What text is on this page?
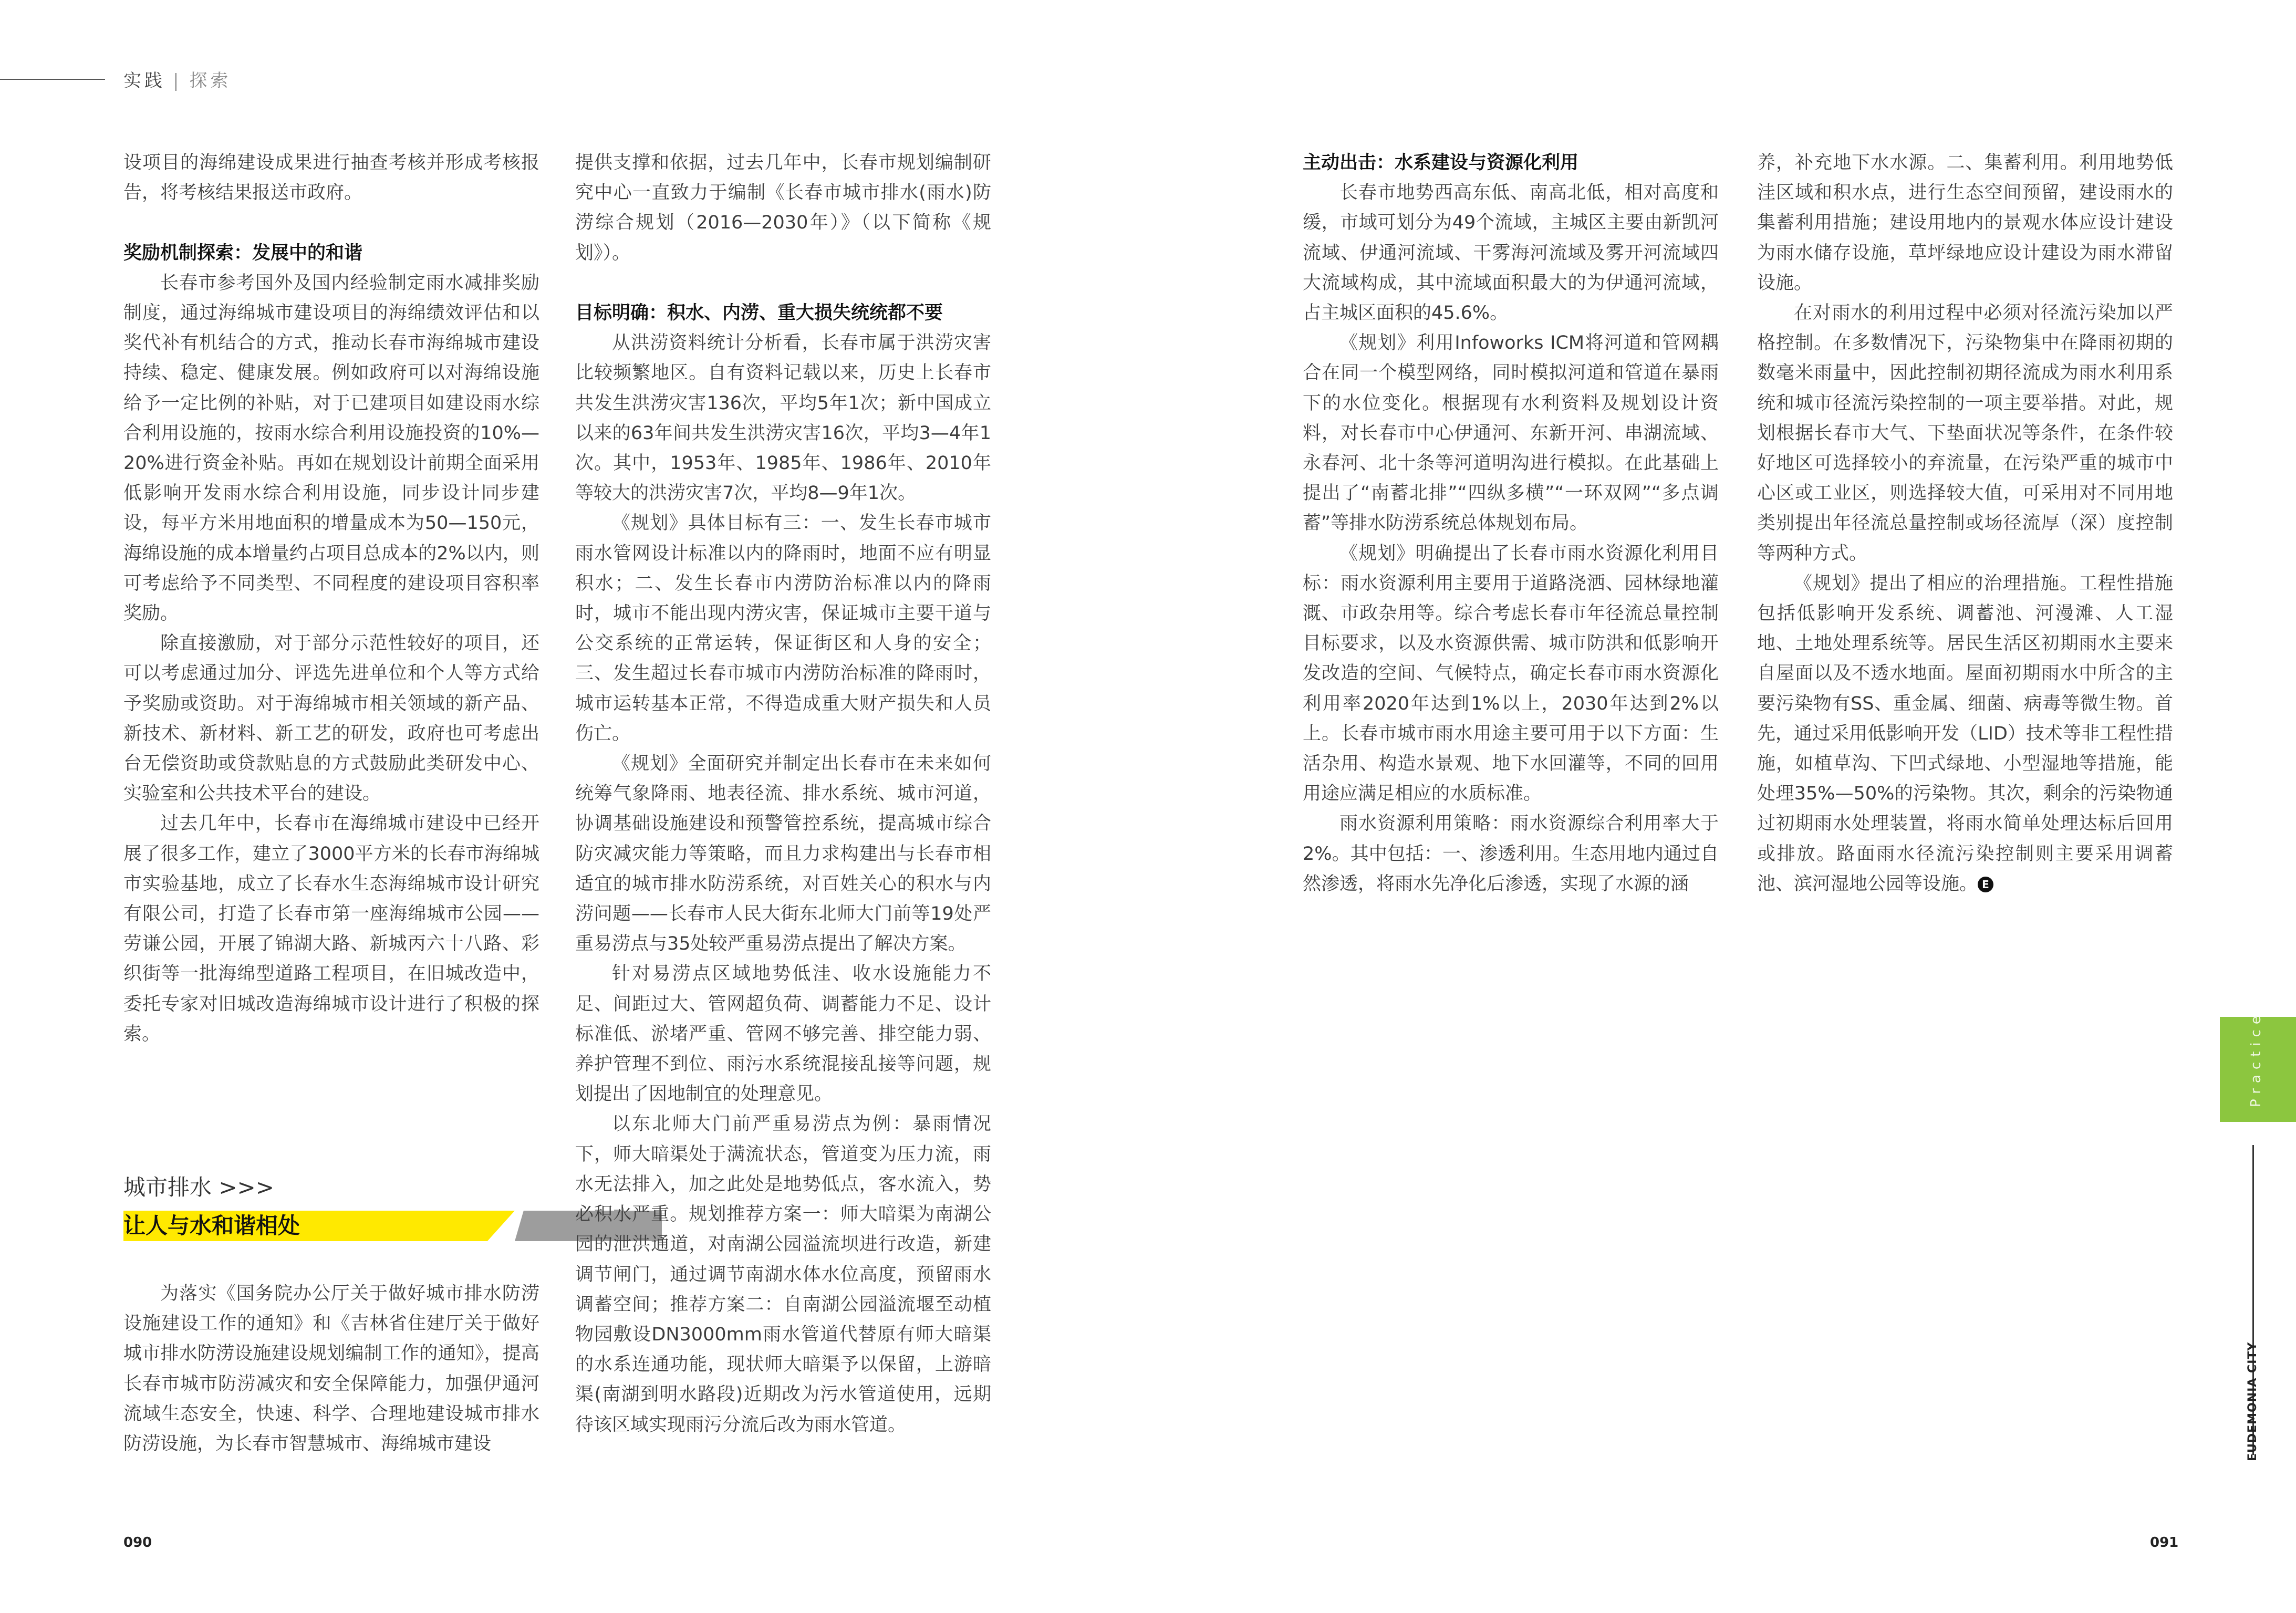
实践 | 探索

设项目的海绵建设成果进行抽查考核并形成考核报告，将考核结果报送市政府。

奖励机制探索：发展中的和谐

长春市参考国外及国内经验制定雨水减排奖励制度，通过海绵城市建设项目的海绵绩效评估和以奖代补有机结合的方式，推动长春市海绵城市建设持续、稳定、健康发展。例如政府可以对海绵设施给予一定比例的补贴，对于已建项目如建设雨水综合利用设施的，按雨水综合利用设施投资的10%—20%进行资金补贴。再如在规划设计前期全面采用低影响开发雨水综合利用设施，同步设计同步建设，每平方米用地面积的增量成本为50—150元，海绵设施的成本增量约占项目总成本的2%以内，则可考虑给予不同类型、不同程度的建设项目容积率奖励。

除直接激励，对于部分示范性较好的项目，还可以考虑通过加分、评选先进单位和个人等方式给予奖励或资助。对于海绵城市相关领域的新产品、新技术、新材料、新工艺的研发，政府也可考虑出台无偿资助或贷款贴息的方式鼓励此类研发中心、实验室和公共技术平台的建设。

过去几年中，长春市在海绵城市建设中已经开展了很多工作，建立了3000平方米的长春市海绵城市实验基地，成立了长春水生态海绵城市设计研究有限公司，打造了长春市第一座海绵城市公园——劳谦公园，开展了锦湖大路、新城丙六十八路、彩织街等一批海绵型道路工程项目，在旧城改造中，委托专家对旧城改造海绵城市设计进行了积极的探索。

城市排水 >>>
让人与水和谐相处

为落实《国务院办公厅关于做好城市排水防涝设施建设工作的通知》和《吉林省住建厅关于做好城市排水防涝设施建设规划编制工作的通知》，提高长春市城市防涝减灾和安全保障能力，加强伊通河流域生态安全，快速、科学、合理地建设城市排水防涝设施，为长春市智慧城市、海绵城市建设

提供支撑和依据，过去几年中，长春市规划编制研究中心一直致力于编制《长春市城市排水(雨水)防涝综合规划（2016—2030年）》（以下简称《规划》）。

目标明确：积水、内涝、重大损失统统都不要

从洪涝资料统计分析看，长春市属于洪涝灾害比较频繁地区。自有资料记载以来，历史上长春市共发生洪涝灾害136次，平均5年1次；新中国成立以来的63年间共发生洪涝灾害16次，平均3—4年1次。其中，1953年、1985年、1986年、2010年等较大的洪涝灾害7次，平均8—9年1次。

《规划》具体目标有三：一、发生长春市城市雨水管网设计标准以内的降雨时，地面不应有明显积水；二、发生长春市内涝防治标准以内的降雨时，城市不能出现内涝灾害，保证城市主要干道与公交系统的正常运转，保证街区和人身的安全；三、发生超过长春市城市内涝防治标准的降雨时，城市运转基本正常，不得造成重大财产损失和人员伤亡。

《规划》全面研究并制定出长春市在未来如何统筹气象降雨、地表径流、排水系统、城市河道，协调基础设施建设和预警管控系统，提高城市综合防灾减灾能力等策略，而且力求构建出与长春市相适宜的城市排水防涝系统，对百姓关心的积水与内涝问题——长春市人民大街东北师大门前等19处严重易涝点与35处较严重易涝点提出了解决方案。

针对易涝点区域地势低洼、收水设施能力不足、间距过大、管网超负荷、调蓄能力不足、设计标准低、淤堵严重、管网不够完善、排空能力弱、养护管理不到位、雨污水系统混接乱接等问题，规划提出了因地制宜的处理意见。

以东北师大门前严重易涝点为例：暴雨情况下，师大暗渠处于满流状态，管道变为压力流，雨水无法排入，加之此处是地势低点，客水流入，势必积水严重。规划推荐方案一：师大暗渠为南湖公园的泄洪通道，对南湖公园溢流坝进行改造，新建调节闸门，通过调节南湖水体水位高度，预留雨水调蓄空间；推荐方案二：自南湖公园溢流堰至动植物园敷设DN3000mm雨水管道代替原有师大暗渠的水系连通功能，现状师大暗渠予以保留，上游暗渠(南湖到明水路段)近期改为污水管道使用，远期待该区域实现雨污分流后改为雨水管道。

主动出击：水系建设与资源化利用

长春市地势西高东低、南高北低，相对高度和缓，市域可划分为49个流域，主城区主要由新凯河流域、伊通河流域、干雾海河流域及雾开河流域四大流域构成，其中流域面积最大的为伊通河流域，占主城区面积的45.6%。

《规划》利用Infoworks ICM将河道和管网耦合在同一个模型网络，同时模拟河道和管道在暴雨下的水位变化。根据现有水利资料及规划设计资料，对长春市中心伊通河、东新开河、串湖流域、永春河、北十条等河道明沟进行模拟。在此基础上提出了“南蓄北排”“四纵多横”“一环双网”“多点调蓄”等排水防涝系统总体规划布局。

《规划》明确提出了长春市雨水资源化利用目标：雨水资源利用主要用于道路浇洒、园林绿地灌溉、市政杂用等。综合考虑长春市年径流总量控制目标要求，以及水资源供需、城市防洪和低影响开发改造的空间、气候特点，确定长春市雨水资源化利用率2020年达到1%以上，2030年达到2%以上。长春市城市雨水用途主要可用于以下方面：生活杂用、构造水景观、地下水回灌等，不同的回用用途应满足相应的水质标准。

雨水资源利用策略：雨水资源综合利用率大于2%。其中包括：一、渗透利用。生态用地内通过自然渗透，将雨水先净化后渗透，实现了水源的涵

养，补充地下水水源。二、集蓄利用。利用地势低洼区域和积水点，进行生态空间预留，建设雨水的集蓄利用措施；建设用地内的景观水体应设计建设为雨水储存设施，草坪绿地应设计建设为雨水滞留设施。

在对雨水的利用过程中必须对径流污染加以严格控制。在多数情况下，污染物集中在降雨初期的数毫米雨量中，因此控制初期径流成为雨水利用系统和城市径流污染控制的一项主要举措。对此，规划根据长春市大气、下垫面状况等条件，在条件较好地区可选择较小的弃流量，在污染严重的城市中心区或工业区，则选择较大值，可采用对不同用地类别提出年径流总量控制或场径流厚（深）度控制等两种方式。

《规划》提出了相应的治理措施。工程性措施包括低影响开发系统、调蓄池、河漫滩、人工湿地、土地处理系统等。居民生活区初期雨水主要来自屋面以及不透水地面。屋面初期雨水中所含的主要污染物有SS、重金属、细菌、病毒等微生物。首先，通过采用低影响开发（LID）技术等非工程性措施，如植草沟、下凹式绿地、小型湿地等措施，能处理35%—50%的污染物。其次，剩余的污染物通过初期雨水处理装置，将雨水简单处理达标后回用或排放。路面雨水径流污染控制则主要采用调蓄池、滨河湿地公园等设施。 E

090	091
Practice
EUDEMONIA CITY
